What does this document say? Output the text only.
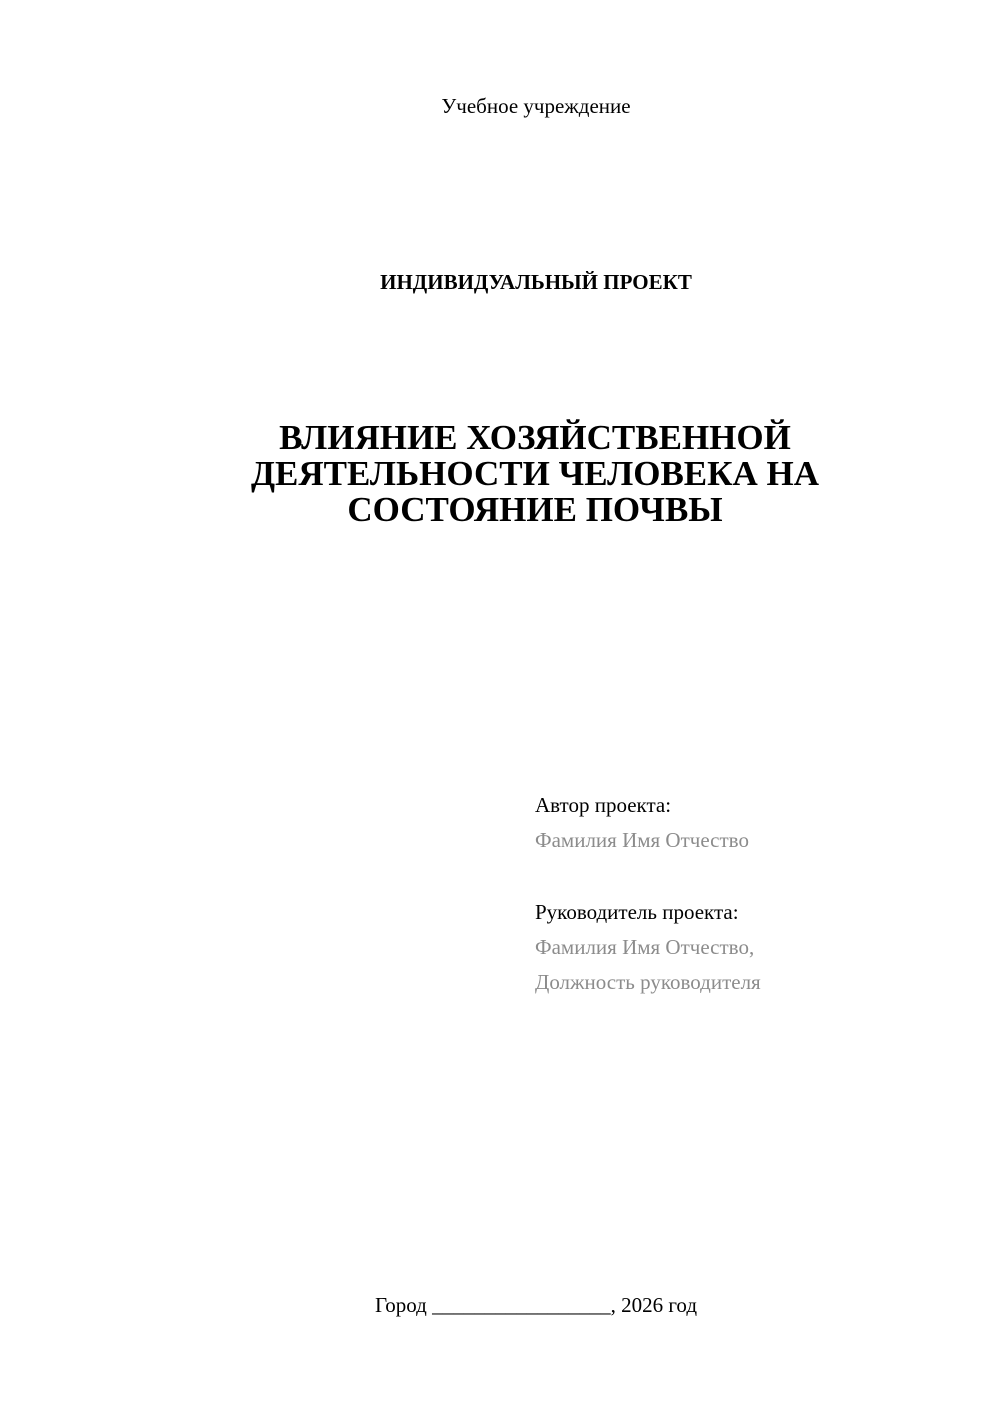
Учебное учреждение
ИНДИВИДУАЛЬНЫЙ ПРОЕКТ
ВЛИЯНИЕ ХОЗЯЙСТВЕННОЙ
ДЕЯТЕЛЬНОСТИ ЧЕЛОВЕКА НА
СОСТОЯНИЕ ПОЧВЫ
Автор проекта:
Фамилия Имя Отчество
Руководитель проекта:
Фамилия Имя Отчество,
Должность руководителя
Город _________________, 2026 год
